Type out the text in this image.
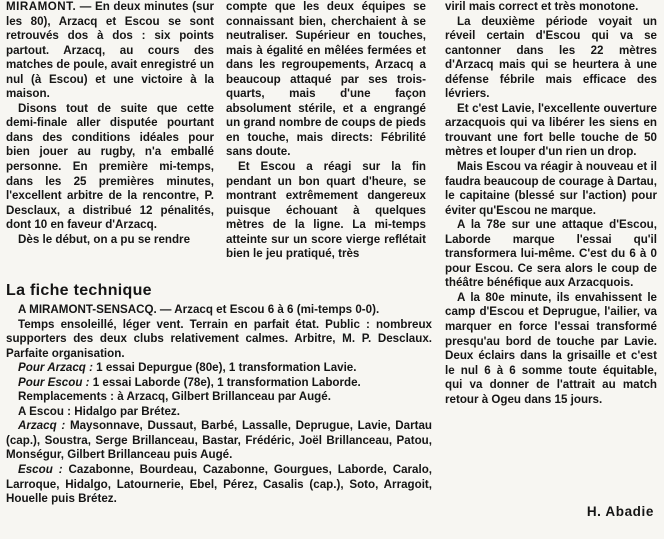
MIRAMONT. — En deux minutes (sur les 80), Arzacq et Escou se sont retrouvés dos à dos : six points partout. Arzacq, au cours des matches de poule, avait enregistré un nul (à Escou) et une victoire à la maison.

Disons tout de suite que cette demi-finale aller disputée pourtant dans des conditions idéales pour bien jouer au rugby, n'a emballé personne. En première mi-temps, dans les 25 premières minutes, l'excellent arbitre de la rencontre, P. Desclaux, a distribué 12 pénalités, dont 10 en faveur d'Arzacq.

Dès le début, on a pu se rendre

compte que les deux équipes se connaissant bien, cherchaient à se neutraliser. Supérieur en touches, mais à égalité en mêlées fermées et dans les regroupements, Arzacq a beaucoup attaqué par ses trois-quarts, mais d'une façon absolument stérile, et a engrangé un grand nombre de coups de pieds en touche, mais directs: Fébrilité sans doute.

Et Escou a réagi sur la fin pendant un bon quart d'heure, se montrant extrêmement dangereux puisque échouant à quelques mètres de la ligne. La mi-temps atteinte sur un score vierge reflétait bien le jeu pratiqué, très

viril mais correct et très monotone.

La deuxième période voyait un réveil certain d'Escou qui va se cantonner dans les 22 mètres d'Arzacq mais qui se heurtera à une défense fébrile mais efficace des lévriers.

Et c'est Lavie, l'excellente ouverture arzacquois qui va libérer les siens en trouvant une fort belle touche de 50 mètres et louper d'un rien un drop.

Mais Escou va réagir à nouveau et il faudra beaucoup de courage à Dartau, le capitaine (blessé sur l'action) pour éviter qu'Escou ne marque.

A la 78e sur une attaque d'Escou, Laborde marque l'essai qu'il transformera lui-même. C'est du 6 à 0 pour Escou. Ce sera alors le coup de théâtre bénéfique aux Arzacquois.

A la 80e minute, ils envahissent le camp d'Escou et Deprugue, l'ailier, va marquer en force l'essai transformé presqu'au bord de touche par Lavie. Deux éclairs dans la grisaille et c'est le nul 6 à 6 somme toute équitable, qui va donner de l'attrait au match retour à Ogeu dans 15 jours.

La fiche technique

A MIRAMONT-SENSACQ. — Arzacq et Escou 6 à 6 (mi-temps 0-0).

Temps ensoleillé, léger vent. Terrain en parfait état. Public : nombreux supporters des deux clubs relativement calmes. Arbitre, M. P. Desclaux. Parfaite organisation.

Pour Arzacq : 1 essai Depurgue (80e), 1 transformation Lavie.

Pour Escou : 1 essai Laborde (78e), 1 transformation Laborde.

Remplacements : à Arzacq, Gilbert Brillanceau par Augé.

A Escou : Hidalgo par Brétez.

Arzacq : Maysonnave, Dussaut, Barbé, Lassalle, Deprugue, Lavie, Dartau (cap.), Soustra, Serge Brillanceau, Bastar, Frédéric, Joël Brillanceau, Patou, Monségur, Gilbert Brillanceau puis Augé.

Escou : Cazabonne, Bourdeau, Cazabonne, Gourgues, Laborde, Caralo, Larroque, Hidalgo, Latournerie, Ebel, Pérez, Casalis (cap.), Soto, Arragoit, Houelle puis Brétez.

H. Abadie
